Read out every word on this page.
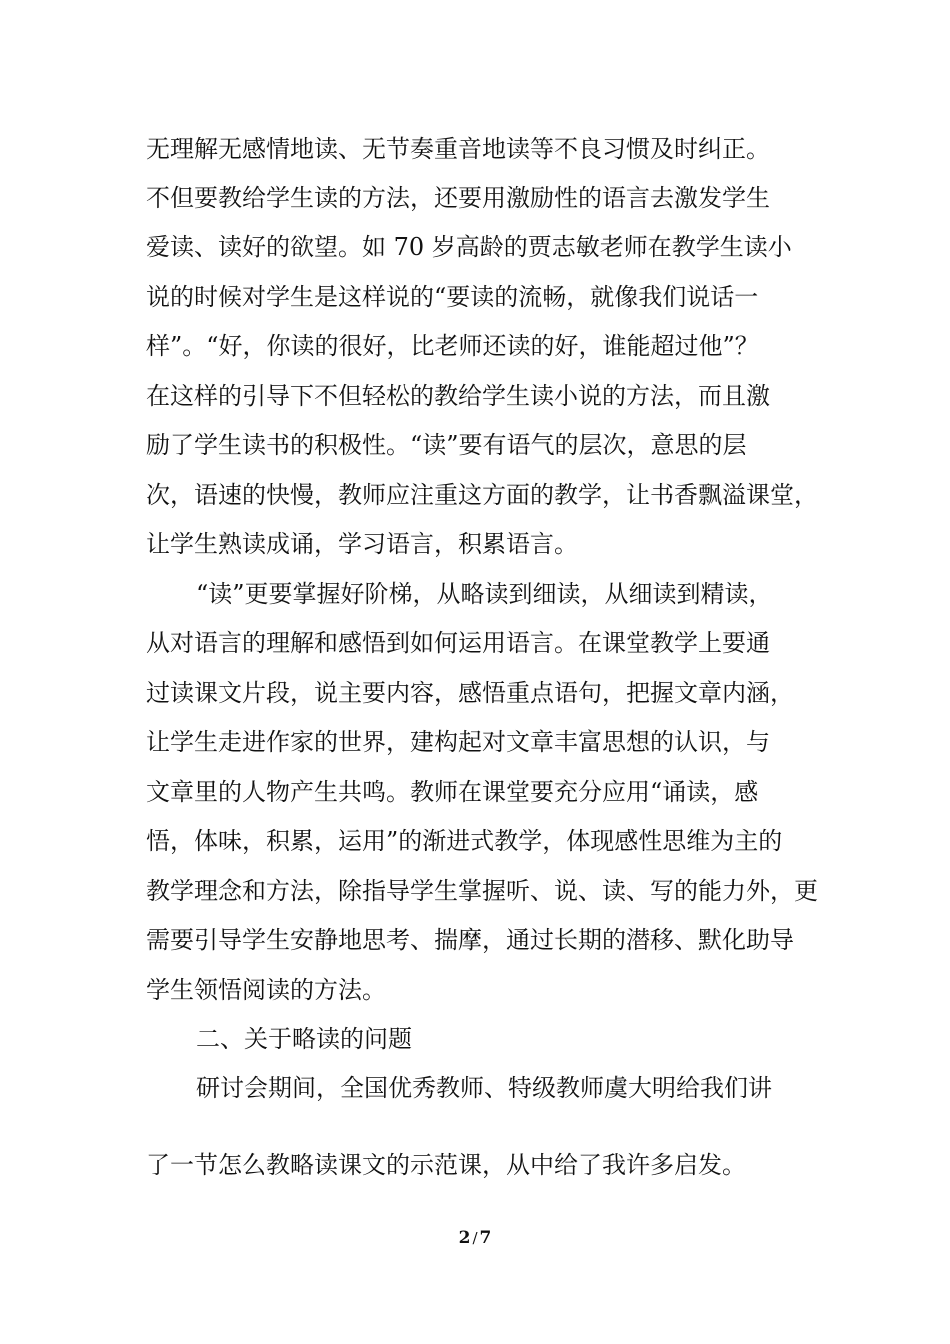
无理解无感情地读、无节奏重音地读等不良习惯及时纠正。
不但要教给学生读的方法，还要用激励性的语言去激发学生
爱读、读好的欲望。如 70 岁高龄的贾志敏老师在教学生读小
说的时候对学生是这样说的“要读的流畅，就像我们说话一
样”。“好，你读的很好，比老师还读的好，谁能超过他”？
在这样的引导下不但轻松的教给学生读小说的方法，而且激
励了学生读书的积极性。“读”要有语气的层次，意思的层
次，语速的快慢，教师应注重这方面的教学，让书香飘溢课堂，
让学生熟读成诵，学习语言，积累语言。
“读”更要掌握好阶梯，从略读到细读，从细读到精读，
从对语言的理解和感悟到如何运用语言。在课堂教学上要通
过读课文片段，说主要内容，感悟重点语句，把握文章内涵，
让学生走进作家的世界，建构起对文章丰富思想的认识，与
文章里的人物产生共鸣。教师在课堂要充分应用“诵读，感
悟，体味，积累，运用”的渐进式教学，体现感性思维为主的
教学理念和方法，除指导学生掌握听、说、读、写的能力外，更
需要引导学生安静地思考、揣摩，通过长期的潜移、默化助导
学生领悟阅读的方法。
二、关于略读的问题
研讨会期间，全国优秀教师、特级教师虞大明给我们讲
了一节怎么教略读课文的示范课，从中给了我许多启发。
2 / 7
